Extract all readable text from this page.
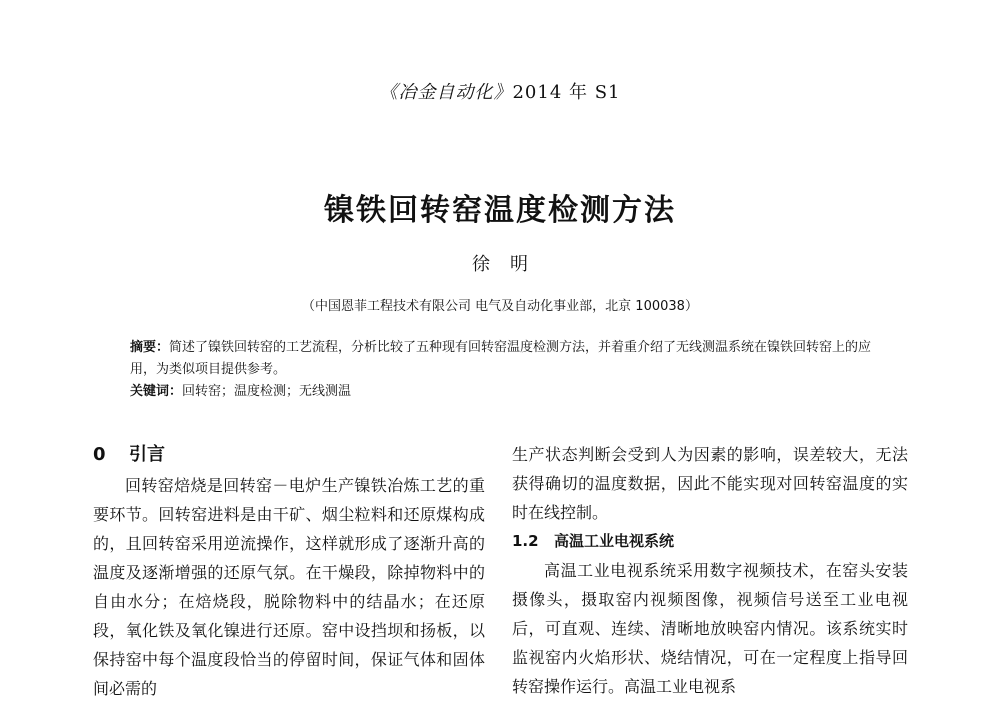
《冶金自动化》2014 年 S1
镍铁回转窑温度检测方法
徐明
（中国恩菲工程技术有限公司 电气及自动化事业部，北京 100038）
摘要：简述了镍铁回转窑的工艺流程，分析比较了五种现有回转窑温度检测方法，并着重介绍了无线测温系统在镍铁回转窑上的应用，为类似项目提供参考。
关键词：回转窑；温度检测；无线测温
0 引言

回转窑焙烧是回转窑－电炉生产镍铁冶炼工艺的重要环节。回转窑进料是由干矿、烟尘粒料和还原煤构成的，且回转窑采用逆流操作，这样就形成了逐渐升高的温度及逐渐增强的还原气氛。在干燥段，除掉物料中的自由水分；在焙烧段，脱除物料中的结晶水；在还原段，氧化铁及氧化镍进行还原。窑中设挡坝和扬板，以保持窑中每个温度段恰当的停留时间，保证气体和固体间必需的

生产状态判断会受到人为因素的影响，误差较大，无法获得确切的温度数据，因此不能实现对回转窑温度的实时在线控制。

1.2 高温工业电视系统

高温工业电视系统采用数字视频技术，在窑头安装摄像头，摄取窑内视频图像，视频信号送至工业电视后，可直观、连续、清晰地放映窑内情况。该系统实时监视窑内火焰形状、烧结情况，可在一定程度上指导回转窑操作运行。高温工业电视系
